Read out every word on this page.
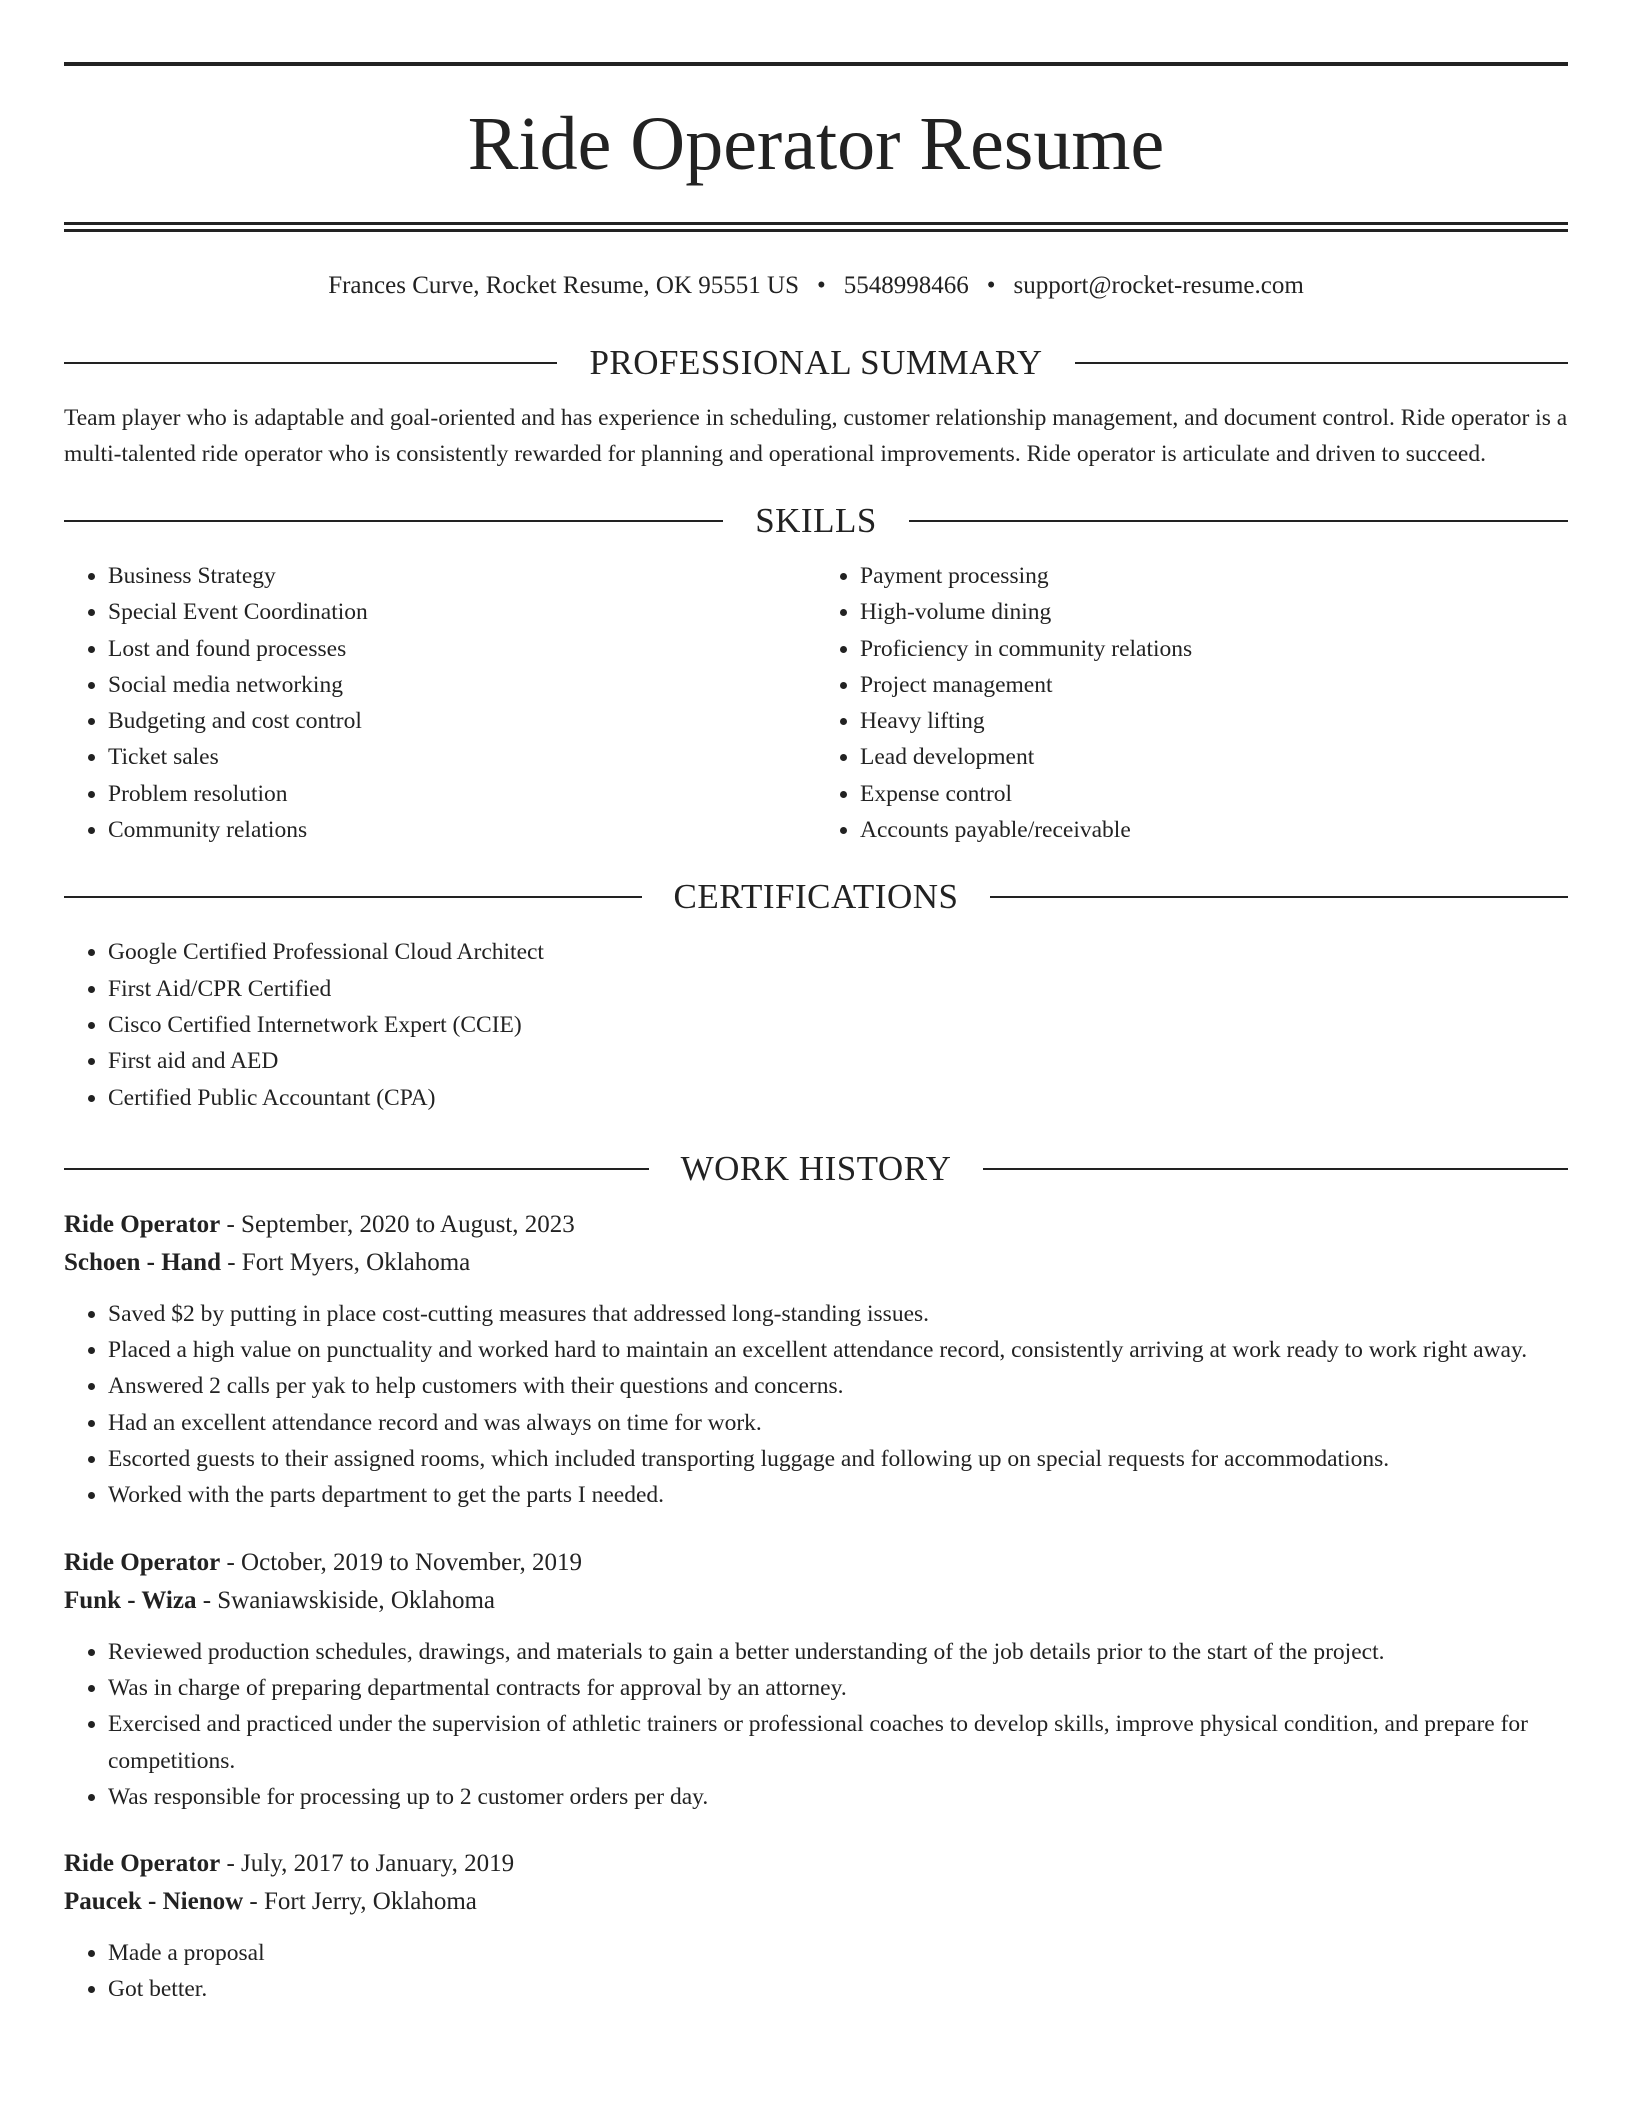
Ride Operator Resume
Frances Curve, Rocket Resume, OK 95551 US • 5548998466 • support@rocket-resume.com
PROFESSIONAL SUMMARY
Team player who is adaptable and goal-oriented and has experience in scheduling, customer relationship management, and document control. Ride operator is a multi-talented ride operator who is consistently rewarded for planning and operational improvements. Ride operator is articulate and driven to succeed.
SKILLS
• Business Strategy
• Special Event Coordination
• Lost and found processes
• Social media networking
• Budgeting and cost control
• Ticket sales
• Problem resolution
• Community relations
• Payment processing
• High-volume dining
• Proficiency in community relations
• Project management
• Heavy lifting
• Lead development
• Expense control
• Accounts payable/receivable
CERTIFICATIONS
• Google Certified Professional Cloud Architect
• First Aid/CPR Certified
• Cisco Certified Internetwork Expert (CCIE)
• First aid and AED
• Certified Public Accountant (CPA)
WORK HISTORY
Ride Operator - September, 2020 to August, 2023
Schoen - Hand - Fort Myers, Oklahoma
• Saved $2 by putting in place cost-cutting measures that addressed long-standing issues.
• Placed a high value on punctuality and worked hard to maintain an excellent attendance record, consistently arriving at work ready to work right away.
• Answered 2 calls per yak to help customers with their questions and concerns.
• Had an excellent attendance record and was always on time for work.
• Escorted guests to their assigned rooms, which included transporting luggage and following up on special requests for accommodations.
• Worked with the parts department to get the parts I needed.
Ride Operator - October, 2019 to November, 2019
Funk - Wiza - Swaniawskiside, Oklahoma
• Reviewed production schedules, drawings, and materials to gain a better understanding of the job details prior to the start of the project.
• Was in charge of preparing departmental contracts for approval by an attorney.
• Exercised and practiced under the supervision of athletic trainers or professional coaches to develop skills, improve physical condition, and prepare for competitions.
• Was responsible for processing up to 2 customer orders per day.
Ride Operator - July, 2017 to January, 2019
Paucek - Nienow - Fort Jerry, Oklahoma
• Made a proposal
• Got better.
